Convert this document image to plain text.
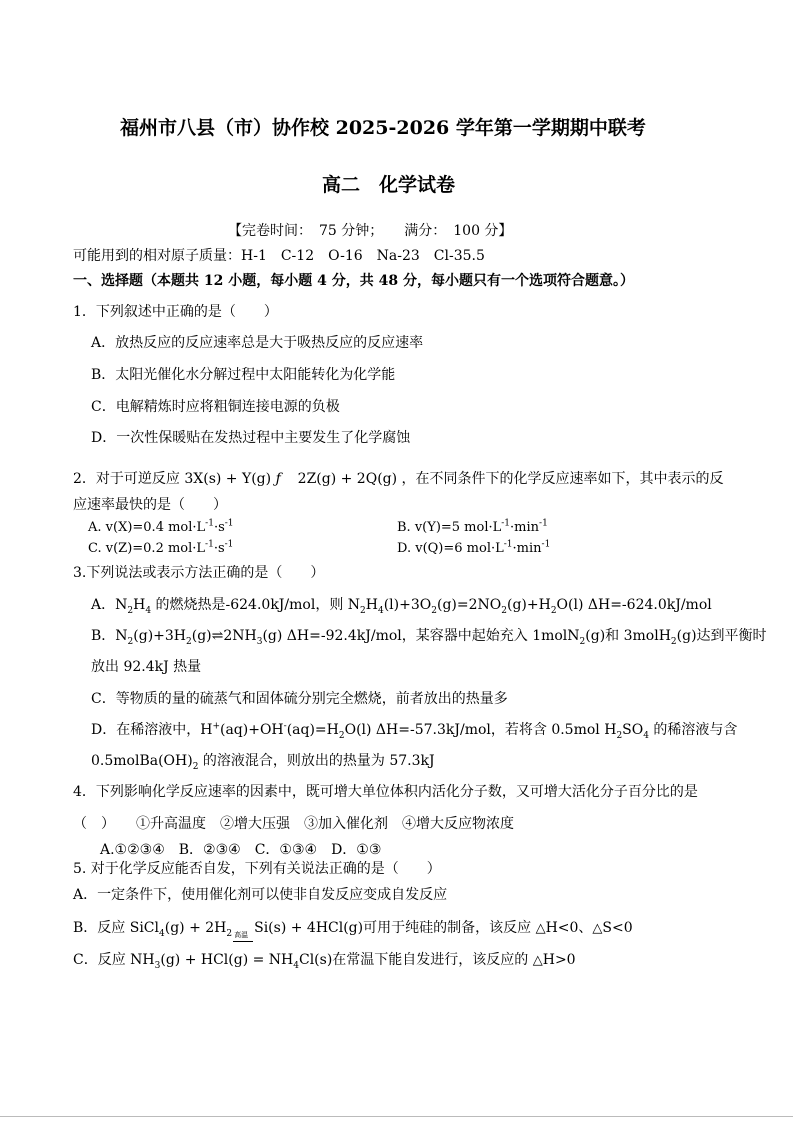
福州市八县（市）协作校 2025-2026 学年第一学期期中联考
高二　化学试卷
【完卷时间：　75 分钟；　　满分：　100 分】
可能用到的相对原子质量：H-1　C-12　O-16　Na-23　Cl-35.5
一、选择题（本题共 12 小题，每小题 4 分，共 48 分，每小题只有一个选项符合题意。）
1．下列叙述中正确的是（　　）
A．放热反应的反应速率总是大于吸热反应的反应速率
B．太阳光催化水分解过程中太阳能转化为化学能
C．电解精炼时应将粗铜连接电源的负极
D．一次性保暖贴在发热过程中主要发生了化学腐蚀
2．对于可逆反应 3X(s) + Y(g) ƒ 2Z(g) + 2Q(g) ，在不同条件下的化学反应速率如下，其中表示的反
应速率最快的是（　　）
A. v(X)=0.4 $mol\cdot L^{-1}\cdot s^{-1}$	B. v(Y)=5 $mol\cdot L^{-1}\cdot\min^{-1}$
C. v(Z)=0.2 $mol\cdot L^{-1}\cdot s^{-1}$	D. v(Q)=6 $mol\cdot L^{-1}\cdot\min^{-1}$
3.下列说法或表示方法正确的是（　　）
A．$N_2H_4$ 的燃烧热是-624.0kJ/mol，则 $N_2H_4(l)+3O_2(g)=2NO_2(g)+H_2O(l)$ ΔH=-624.0kJ/mol
B．$N_2(g)+3H_2(g)\rightleftharpoons 2NH_3(g)$ ΔH=-92.4kJ/mol，某容器中起始充入 1molN$_2$(g)和 3molH$_2$(g)达到平衡时
放出 92.4kJ 热量
C．等物质的量的硫蒸气和固体硫分别完全燃烧，前者放出的热量多
D．在稀溶液中，$H^+(aq)+OH^-(aq)=H_2O(l)$ ΔH=-57.3kJ/mol，若将含 0.5mol $H_2SO_4$ 的稀溶液与含
$0.5molBa(OH)_2$ 的溶液混合，则放出的热量为 57.3kJ
4．下列影响化学反应速率的因素中，既可增大单位体积内活化分子数，又可增大活化分子百分比的是
（　）　　①升高温度　②增大压强　③加入催化剂　④增大反应物浓度
A.①②③④　B．②③④　C．①③④　D．①③
5. 对于化学反应能否自发，下列有关说法正确的是（　　）
A．一定条件下，使用催化剂可以使非自发反应变成自发反应
B．反应 SiCl$_4$(g) + $2H_2$ 高温 Si(s) + 4HCl(g)可用于纯硅的制备，该反应 △H<0、△S<0
C．反应 $NH_3(g) + HCl(g) = NH_4Cl(s)$在常温下能自发进行，该反应的 △H>0
